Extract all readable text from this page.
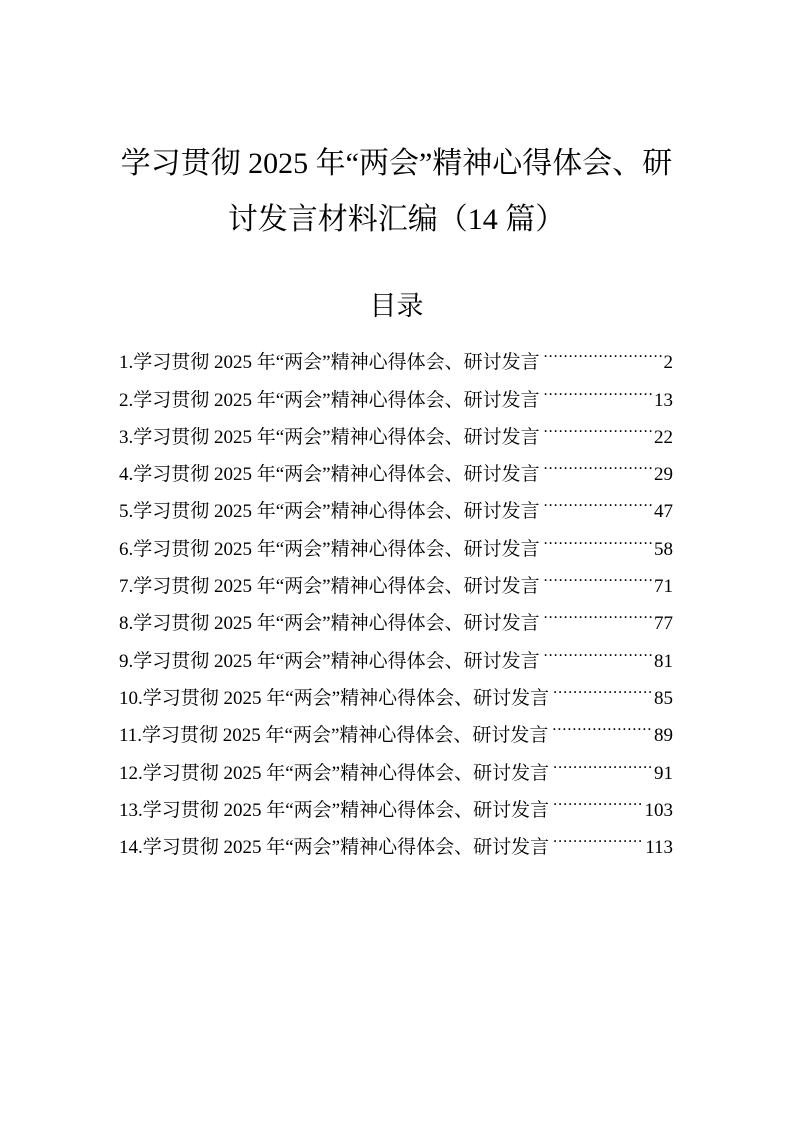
学习贯彻 2025 年“两会”精神心得体会、研
讨发言材料汇编（14 篇）
目录
1.学习贯彻 2025 年“两会”精神心得体会、研讨发言 .....	2
2.学习贯彻 2025 年“两会”精神心得体会、研讨发言 .....	13
3.学习贯彻 2025 年“两会”精神心得体会、研讨发言 .....	22
4.学习贯彻 2025 年“两会”精神心得体会、研讨发言 .....	29
5.学习贯彻 2025 年“两会”精神心得体会、研讨发言 .....	47
6.学习贯彻 2025 年“两会”精神心得体会、研讨发言 .....	58
7.学习贯彻 2025 年“两会”精神心得体会、研讨发言 .....	71
8.学习贯彻 2025 年“两会”精神心得体会、研讨发言 .....	77
9.学习贯彻 2025 年“两会”精神心得体会、研讨发言 .....	81
10.学习贯彻 2025 年“两会”精神心得体会、研讨发言 .....	85
11.学习贯彻 2025 年“两会”精神心得体会、研讨发言 .....	89
12.学习贯彻 2025 年“两会”精神心得体会、研讨发言 .....	91
13.学习贯彻 2025 年“两会”精神心得体会、研讨发言 .....	103
14.学习贯彻 2025 年“两会”精神心得体会、研讨发言 .....	113
